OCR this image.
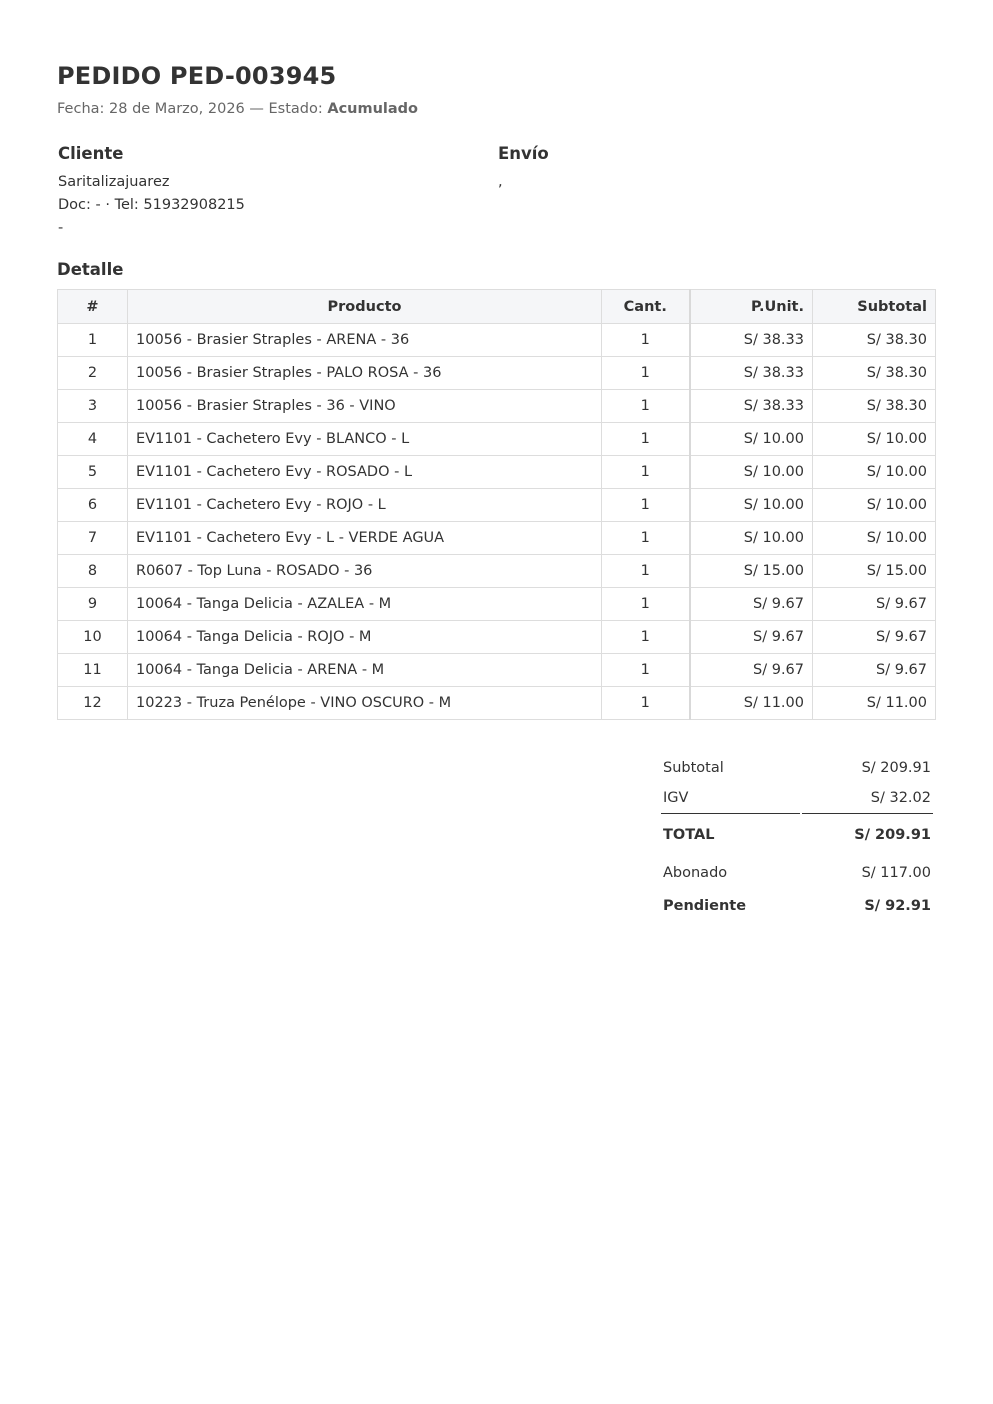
PEDIDO PED-003945
Fecha: 28 de Marzo, 2026 — Estado: Acumulado
Cliente
Saritalizajuarez
Doc: - · Tel: 51932908215
-
Envío
,
Detalle
#	Producto	Cant.	P.Unit.	Subtotal
1	10056 - Brasier Straples - ARENA - 36	1	S/ 38.33	S/ 38.30
2	10056 - Brasier Straples - PALO ROSA - 36	1	S/ 38.33	S/ 38.30
3	10056 - Brasier Straples - 36 - VINO	1	S/ 38.33	S/ 38.30
4	EV1101 - Cachetero Evy - BLANCO - L	1	S/ 10.00	S/ 10.00
5	EV1101 - Cachetero Evy - ROSADO - L	1	S/ 10.00	S/ 10.00
6	EV1101 - Cachetero Evy - ROJO - L	1	S/ 10.00	S/ 10.00
7	EV1101 - Cachetero Evy - L - VERDE AGUA	1	S/ 10.00	S/ 10.00
8	R0607 - Top Luna - ROSADO - 36	1	S/ 15.00	S/ 15.00
9	10064 - Tanga Delicia - AZALEA - M	1	S/ 9.67	S/ 9.67
10	10064 - Tanga Delicia - ROJO - M	1	S/ 9.67	S/ 9.67
11	10064 - Tanga Delicia - ARENA - M	1	S/ 9.67	S/ 9.67
12	10223 - Truza Penélope - VINO OSCURO - M	1	S/ 11.00	S/ 11.00
Subtotal	S/ 209.91
IGV	S/ 32.02
TOTAL	S/ 209.91
Abonado	S/ 117.00
Pendiente	S/ 92.91
